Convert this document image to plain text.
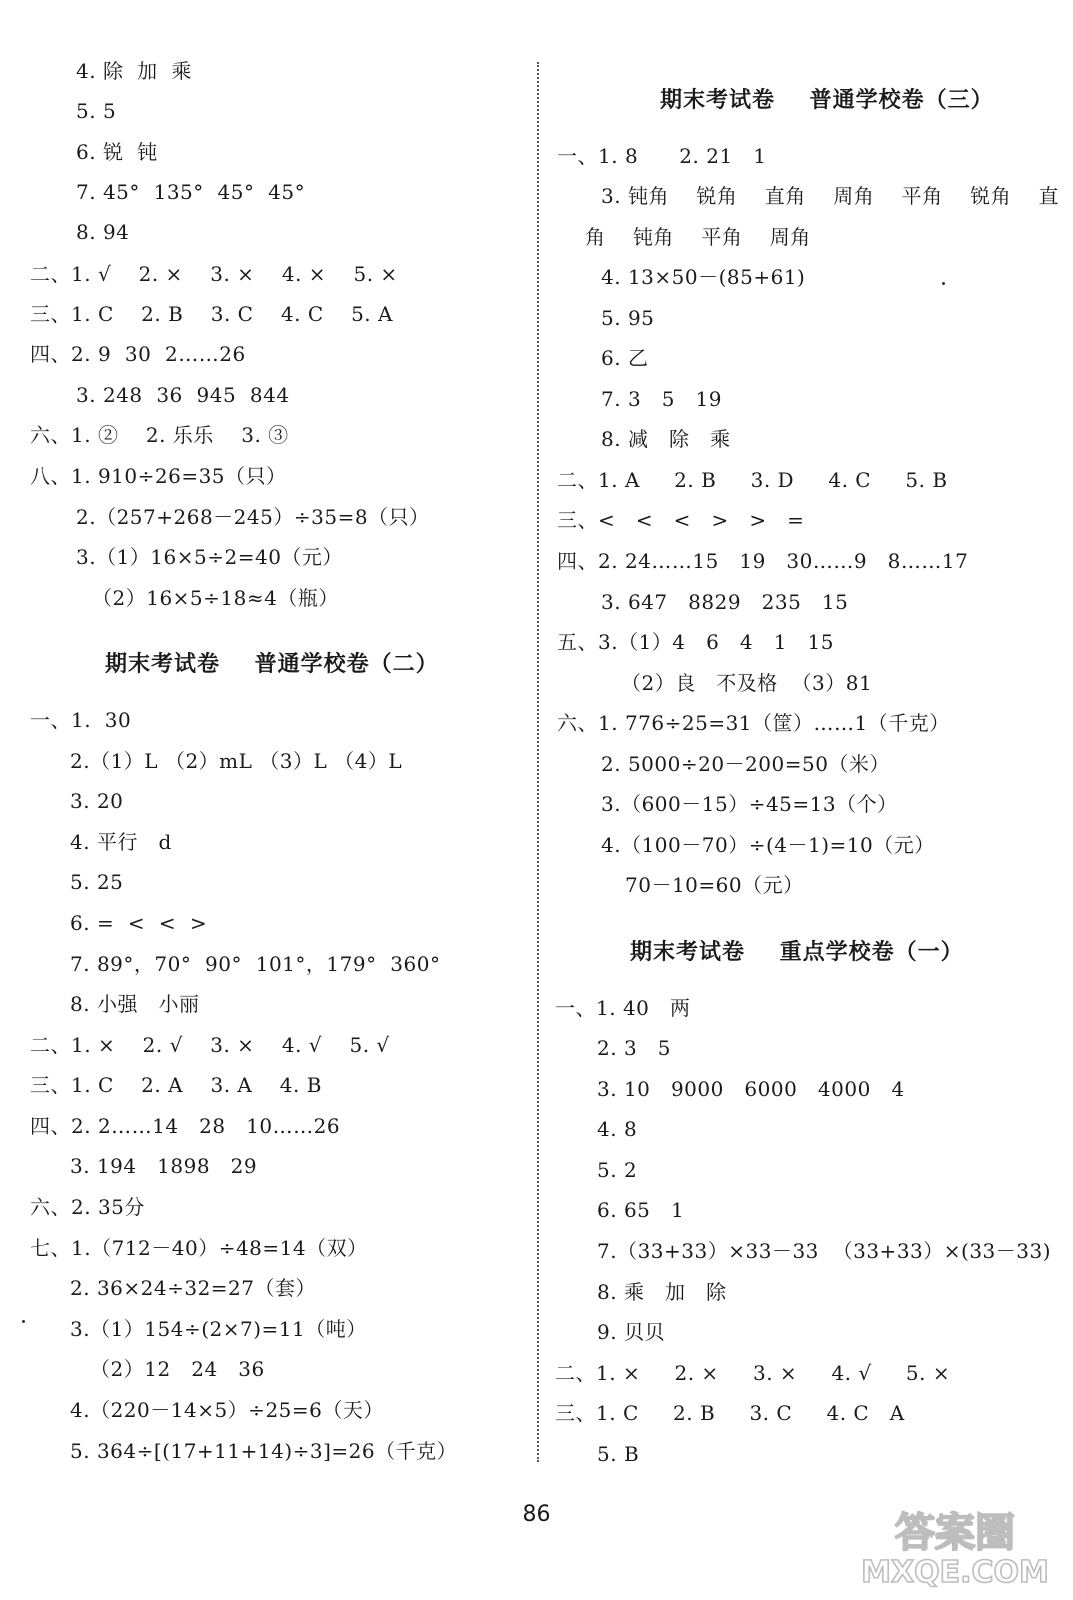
4. 除  加  乘
5. 5
6. 锐  钝
7. 45°  135°  45°  45°
8. 94
二、1. √    2. ×    3. ×    4. ×    5. ×
三、1. C    2. B    3. C    4. C    5. A
四、2. 9  30  2……26
3. 248  36  945  844
六、1. ②    2. 乐乐    3. ③
八、1. 910÷26=35（只）
2.（257+268－245）÷35=8（只）
3.（1）16×5÷2=40（元）
（2）16×5÷18≈4（瓶）
期末考试卷    普通学校卷（二）
一、1.  30
2.（1）L （2）mL （3）L （4）L
3. 20
4. 平行   d
5. 25
6. =  <  <  >
7. 89°，70°  90°  101°，179°  360°
8. 小强   小丽
二、1. ×    2. √    3. ×    4. √    5. √
三、1. C    2. A    3. A    4. B
四、2. 2……14   28   10……26
3. 194   1898   29
六、2. 35分
七、1.（712－40）÷48=14（双）
2. 36×24÷32=27（套）
3.（1）154÷(2×7)=11（吨）
（2）12   24   36
4.（220－14×5）÷25=6（天）
5. 364÷[(17+11+14)÷3]=26（千克）
期末考试卷    普通学校卷（三）
一、1. 8      2. 21   1
3. 钝角    锐角    直角    周角    平角    锐角    直
角    钝角    平角    周角
4. 13×50－(85+61)
5. 95
6. 乙
7. 3   5   19
8. 减   除   乘
二、1. A     2. B     3. D     4. C     5. B
三、<   <   <   >   >   =
四、2. 24……15   19   30……9   8……17
3. 647   8829   235   15
五、3.（1）4   6   4   1   15
（2）良   不及格  （3）81
六、1. 776÷25=31（筐）……1（千克）
2. 5000÷20－200=50（米）
3.（600－15）÷45=13（个）
4.（100－70）÷(4－1)=10（元）
70－10=60（元）
期末考试卷    重点学校卷（一）
一、1. 40   两
2. 3   5
3. 10   9000   6000   4000   4
4. 8
5. 2
6. 65   1
7.（33+33）×33－33  （33+33）×(33－33)
8. 乘   加   除
9. 贝贝
二、1. ×     2. ×     3. ×     4. √     5. ×
三、1. C     2. B     3. C     4. C   A
5. B
86	答案圈
MXQE.COM
